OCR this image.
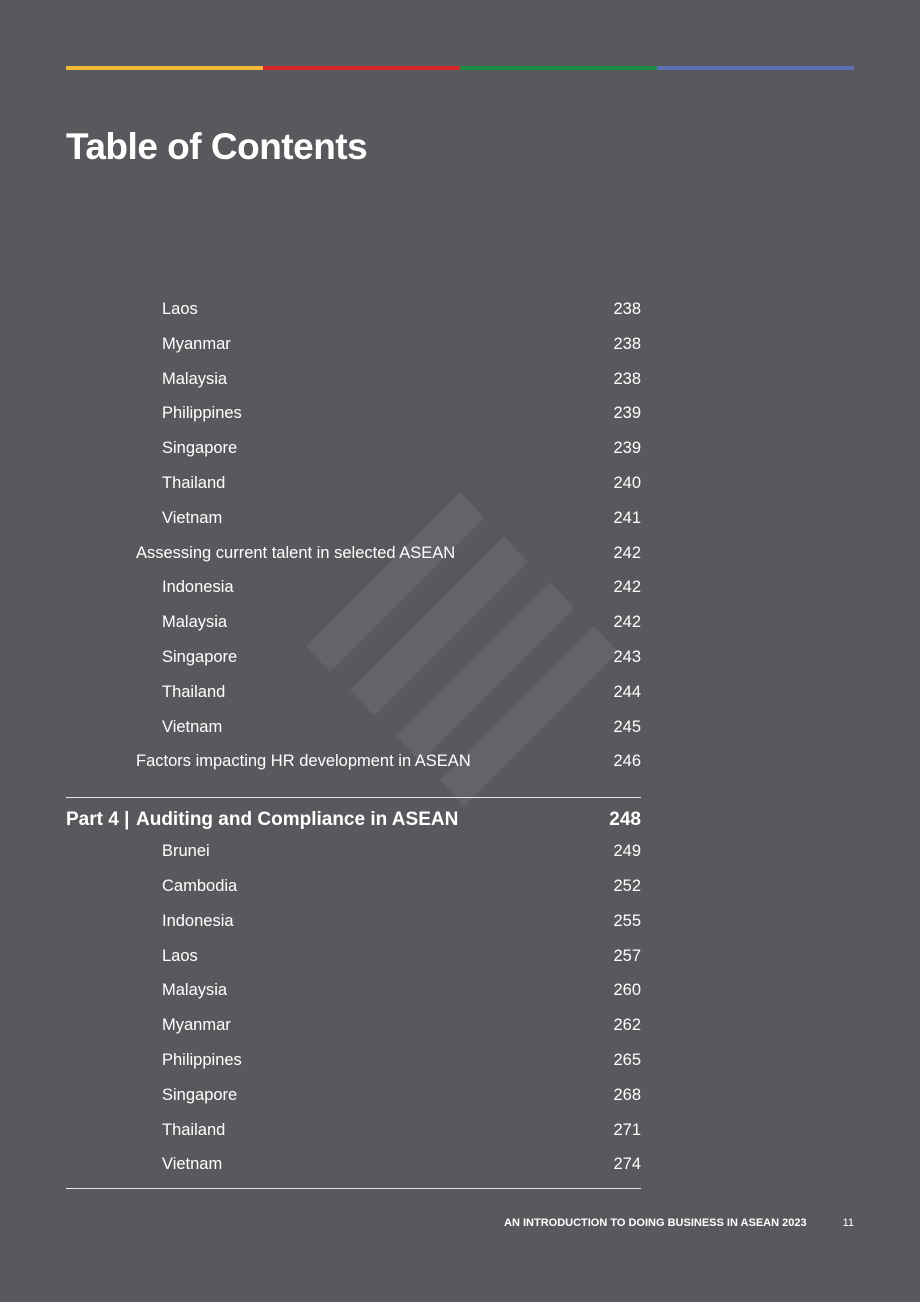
Table of Contents
Laos	238
Myanmar	238
Malaysia	238
Philippines	239
Singapore	239
Thailand	240
Vietnam	241
Assessing current talent in selected ASEAN	242
Indonesia	242
Malaysia	242
Singapore	243
Thailand	244
Vietnam	245
Factors impacting HR development in ASEAN	246
Part 4 | Auditing and Compliance in ASEAN	248
Brunei	249
Cambodia	252
Indonesia	255
Laos	257
Malaysia	260
Myanmar	262
Philippines	265
Singapore	268
Thailand	271
Vietnam	274
AN INTRODUCTION TO DOING BUSINESS IN ASEAN 2023	11
